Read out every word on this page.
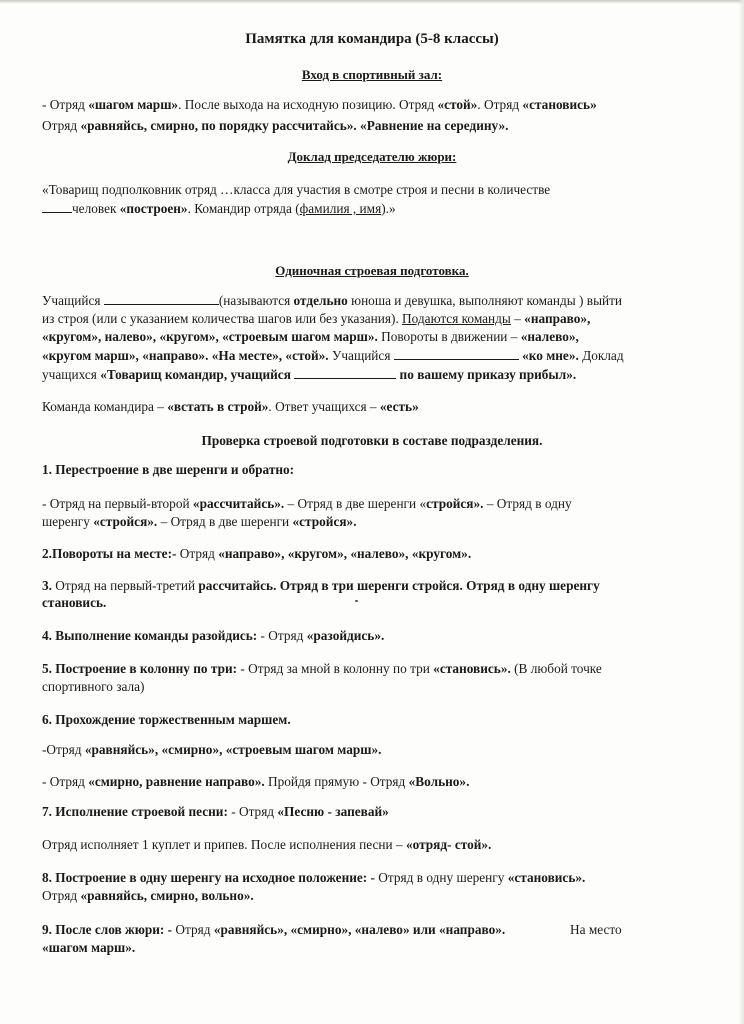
Памятка для командира (5-8 классы)
Вход в спортивный зал:
- Отряд «шагом марш». После выхода на исходную позицию. Отряд «стой». Отряд «становись»
Отряд «равняйсь, смирно, по порядку рассчитайсь». «Равнение на середину».
Доклад председателю жюри:
«Товарищ подполковник отряд …класса для участия в смотре строя и песни в количестве
человек «построен». Командир отряда (фамилия , имя).»
Одиночная строевая подготовка.
Учащийся	(называются отдельно юноша и девушка, выполняют команды ) выйти
из строя (или с указанием количества шагов или без указания). Подаются команды – «направо»,
«кругом», налево», «кругом», «строевым шагом марш». Повороты в движении – «налево»,
«кругом марш», «направо». «На месте», «стой». Учащийся	«ко мне». Доклад
учащихся «Товарищ командир, учащийся	по вашему приказу прибыл».
Команда командира – «встать в строй». Ответ учащихся – «есть»
Проверка строевой подготовки в составе подразделения.
1. Перестроение в две шеренги и обратно:
- Отряд на первый-второй «рассчитайсь». – Отряд в две шеренги «стройся». – Отряд в одну
шеренгу «стройся». – Отряд в две шеренги «стройся».
2.Повороты на месте:- Отряд «направо», «кругом», «налево», «кругом».
3. Отряд на первый-третий рассчитайсь. Отряд в три шеренги стройся. Отряд в одну шеренгу
становись.
4. Выполнение команды разойдись: - Отряд «разойдись».
5. Построение в колонну по три: - Отряд за мной в колонну по три «становись». (В любой точке
спортивного зала)
6. Прохождение торжественным маршем.
-Отряд «равняйсь», «смирно», «строевым шагом марш».
- Отряд «смирно, равнение направо». Пройдя прямую - Отряд «Вольно».
7. Исполнение строевой песни: - Отряд «Песню - запевай»
Отряд исполняет 1 куплет и припев. После исполнения песни – «отряд- стой».
8. Построение в одну шеренгу на исходное положение: - Отряд в одну шеренгу «становись».
Отряд «равняйсь, смирно, вольно».
9. После слов жюри: - Отряд «равняйсь», «смирно», «налево» или «направо».	На место
«шагом марш».
